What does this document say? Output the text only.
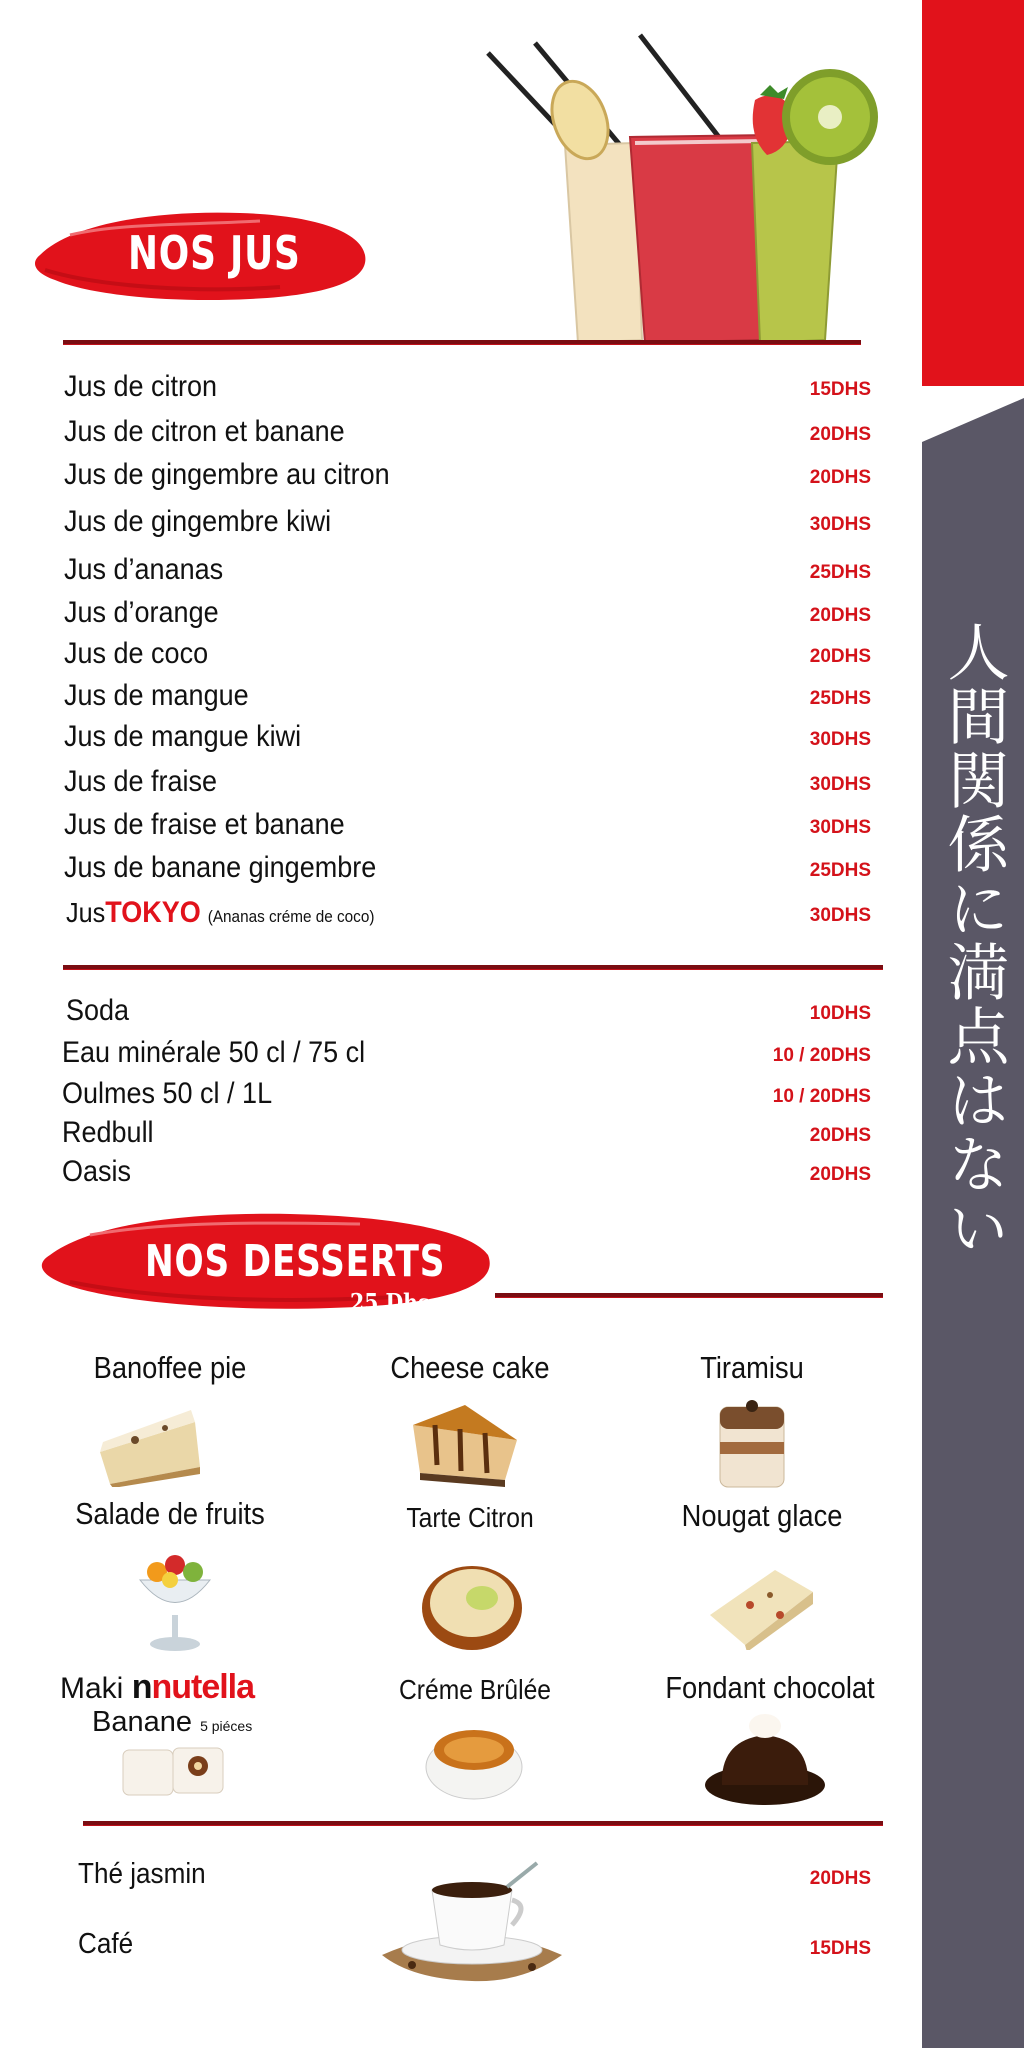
人間関係に満点はない
NOS JUS
Jus de citron	15DHS
Jus de citron et banane	20DHS
Jus de gingembre au citron	20DHS
Jus de gingembre kiwi	30DHS
Jus d’ananas	25DHS
Jus d’orange	20DHS
Jus de coco	20DHS
Jus de mangue	25DHS
Jus de mangue kiwi	30DHS
Jus de fraise	30DHS
Jus de fraise et banane	30DHS
Jus de banane gingembre	25DHS
JusTOKYO (Ananas créme de coco)	30DHS
Soda	10DHS
Eau minérale 50 cl / 75 cl	10 / 20DHS
Oulmes 50 cl / 1L	10 / 20DHS
Redbull	20DHS
Oasis	20DHS
NOS DESSERTS
25 Dhs
Banoffee pie	Cheese cake	Tiramisu
Salade de fruits	Tarte Citron	Nougat glace
Maki nnutella
Banane 5 piéces
Créme Brûlée	Fondant chocolat
Thé jasmin	20DHS
Café	15DHS
